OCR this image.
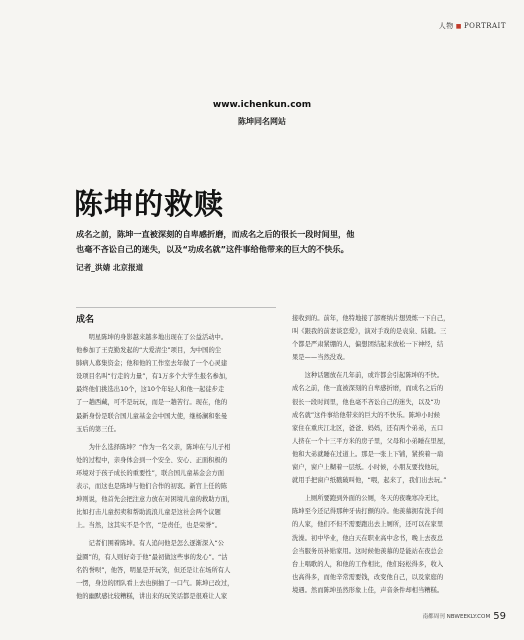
人物 ■ PORTRAIT
www.ichenkun.com
陈坤同名网站
陈坤的救赎

成名之前，陈坤一直被深刻的自卑感折磨，而成名之后的很长一段时间里，他

也毫不吝讼自己的迷失，以及“功成名就”这件事给他带来的巨大的不快乐。

记者_洪婧 北京报道
成名

　　明星陈坤的身影越来越多地出现在了公益活动中。

他参加了王克勤发起的“大爱清尘”项目，为中国的尘

肺病人募集资金；他和他的工作室去年做了一个心灵建

设项目名叫“行走的力量”，有1万多个大学生报名参加，

最终他们挑选出10个，这10个年轻人和他一起徒步走

了一趟西藏，可不是玩玩，而是一趟苦行。现在，他的

最新身份是联合国儿童基金会中国大使，继杨澜和张曼

玉后的第三任。

　　为什么选择陈坤？“作为一名父亲，陈坤在与儿子相

处的过程中，亲身体会到一个安全、安心、正面积极的

环境对于孩子成长的重要性”，联合国儿童基金会方面

表示，而这也是陈坤与他们合作的初衷。新官上任的陈

坤则说，他首先会把注意力放在对困境儿童的救助方面，

比如打击儿童拐卖和帮助流浪儿童是这社会两个议题

上。当然，这其实不是个官，“是责任，也是荣誉”。

　　记者们围着陈坤。有人追问他是怎么逐渐深入“公

益圈”的，有人则好奇于他“最初做这些事的发心”。“沽

名钓誉呗”，他答，明显是开玩笑，但还是让在场所有人

一愣，身边的团队看上去也倒抽了一口气。陈坤已改过，

他的幽默感比较糟糕，讲出来的玩笑话都是很难让人家

接收到的。前年，他特地接了部赛纳片想毁炼一下自己，

叫《跟我的前妻谈恋爱》，演对手戏的是袁泉、陆毅。三

个都是严肃紧绷的人，偏想团结起来放松一下神经，结

果是——当然没戏。

　　这种话题放在几年前，或许都会引起陈坤的不快。

成名之前，他一直被深刻的自卑感折磨，而成名之后的

很长一段时间里，他也毫不吝讼自己的迷失，以及“功

成名就”这件事给他带来的巨大的不快乐。陈坤小时候

家住在重庆江北区，爸爸、妈妈，还有两个弟弟，五口

人挤在一个十三平方米的房子里，父母和小弟睡在里屋，

他和大弟就睡在过道上。那是一张上下铺，紧挨着一扇

窗户，窗户上糊着一层纸。小时候，小朋友要找他玩，

就用手把窗户纸戳破叫他，“喂，起来了，我们出去玩。”

　　上厕所要跑到外面的公厕，冬天的夜晚寒冷无比，

陈坤至今还记得那种牙齿打颤的冷。他羡慕拥有洗手间

的人家，他们不但不需要跑出去上厕所，还可以在家里

洗澡。初中毕业，他白天在职业高中念书，晚上去夜总

会当服务员补贴家用。这时候他羡慕的是能站在夜总会

台上唱歌的人，和他的工作相比，他们轻松得多，收入

也高得多，而他辛常需要钱，改变他自己，以及家庭的

境遇。然而陈坤虽然形象上佳，声音条件却相当糟糕。

南都周刊 NBWEEKLY.COM 59
